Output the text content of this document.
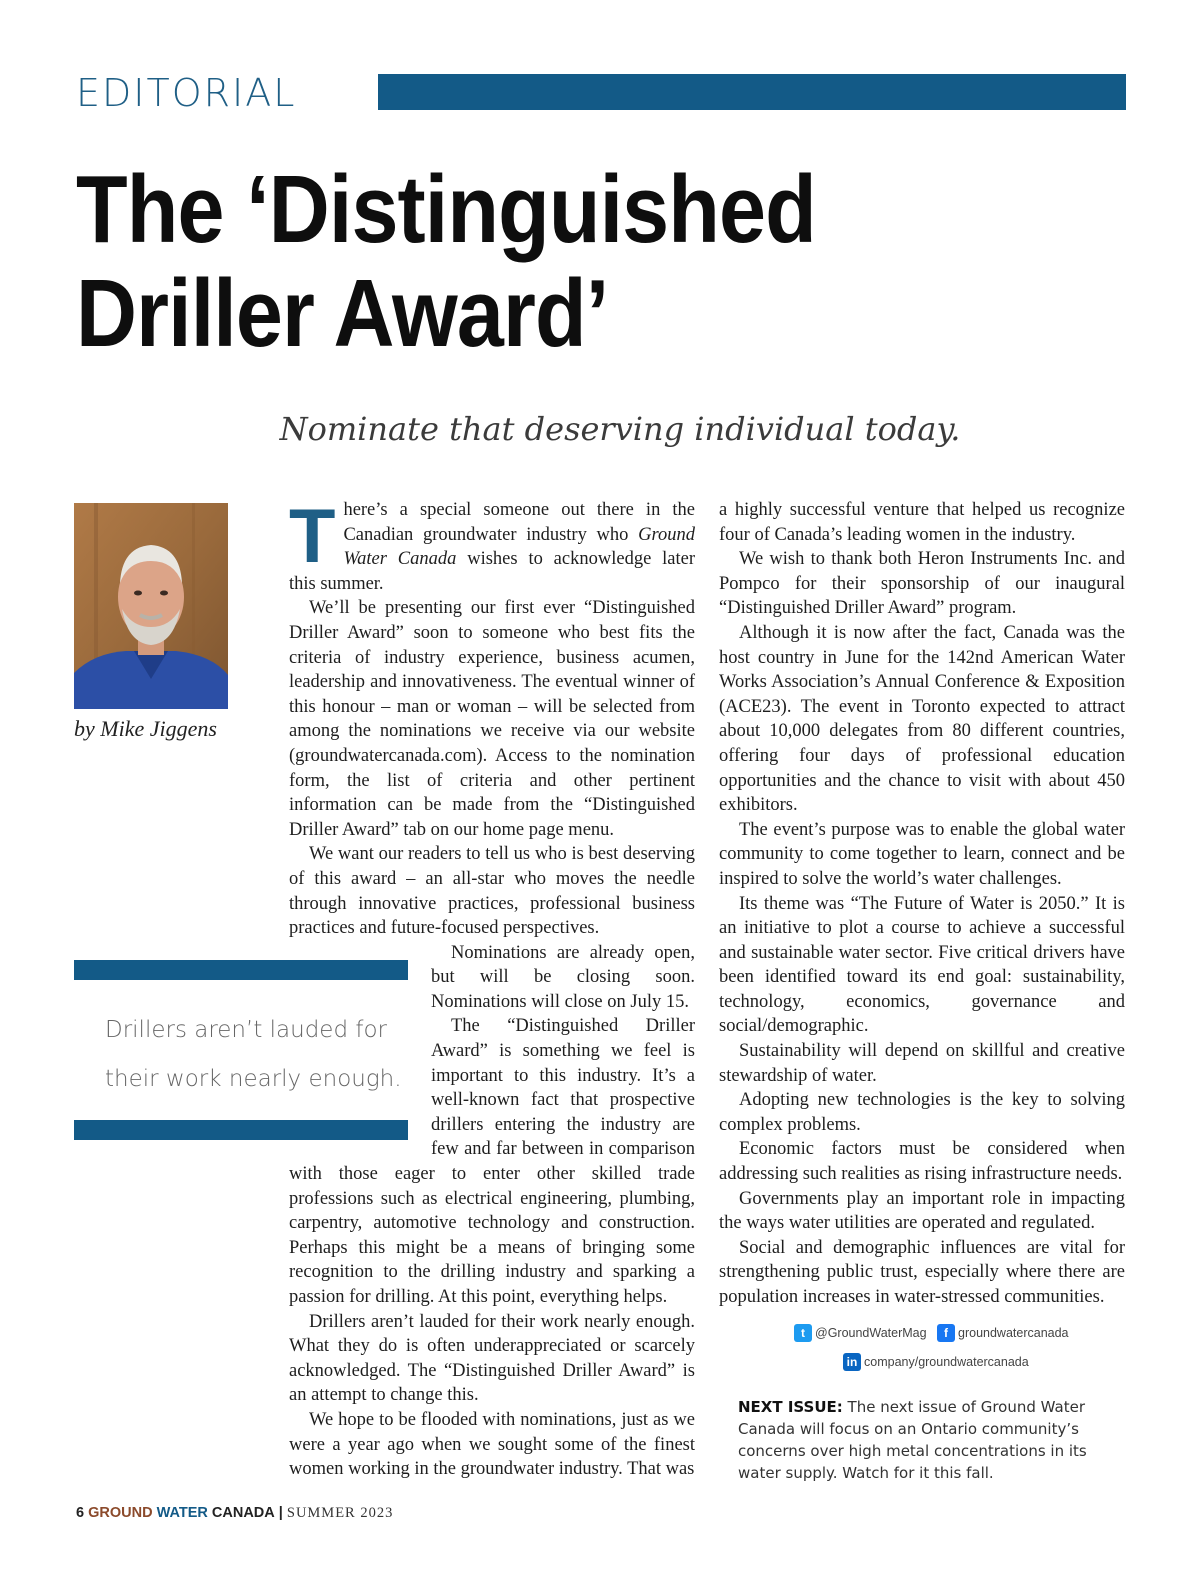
EDITORIAL
The ‘Distinguished
Driller Award’
Nominate that deserving individual today.
by Mike Jiggens

There’s a special someone out there in the Canadian groundwater industry who Ground Water Canada wishes to acknowledge later this summer.

We’ll be presenting our first ever “Distinguished Driller Award” soon to someone who best fits the criteria of industry experience, business acumen, leadership and innovativeness. The eventual winner of this honour – man or woman – will be selected from among the nominations we receive via our website (groundwatercanada.com). Access to the nomination form, the list of criteria and other pertinent information can be made from the “Distinguished Driller Award” tab on our home page menu.

We want our readers to tell us who is best deserving of this award – an all-star who moves the needle through innovative practices, professional business practices and future-focused perspectives.

Nominations are already open, but will be closing soon. Nominations will close on July 15.

The “Distinguished Driller Award” is something we feel is important to this industry. It’s a well-known fact that prospective drillers entering the industry are few and far between in comparison with those eager to enter other skilled trade professions such as electrical engineering, plumbing, carpentry, automotive technology and construction. Perhaps this might be a means of bringing some recognition to the drilling industry and sparking a passion for drilling. At this point, everything helps.

Drillers aren’t lauded for their work nearly enough. What they do is often underappreciated or scarcely acknowledged. The “Distinguished Driller Award” is an attempt to change this.

We hope to be flooded with nominations, just as we were a year ago when we sought some of the finest women working in the groundwater industry. That was

Drillers aren’t lauded for
their work nearly enough.

a highly successful venture that helped us recognize four of Canada’s leading women in the industry.

We wish to thank both Heron Instruments Inc. and Pompco for their sponsorship of our inaugural “Distinguished Driller Award” program.

Although it is now after the fact, Canada was the host country in June for the 142nd American Water Works Association’s Annual Conference & Exposition (ACE23). The event in Toronto expected to attract about 10,000 delegates from 80 different countries, offering four days of professional education opportunities and the chance to visit with about 450 exhibitors.

The event’s purpose was to enable the global water community to come together to learn, connect and be inspired to solve the world’s water challenges.

Its theme was “The Future of Water is 2050.” It is an initiative to plot a course to achieve a successful and sustainable water sector. Five critical drivers have been identified toward its end goal: sustainability, technology, economics, governance and social/demographic.

Sustainability will depend on skillful and creative stewardship of water.

Adopting new technologies is the key to solving complex problems.

Economic factors must be considered when addressing such realities as rising infrastructure needs.

Governments play an important role in impacting the ways water utilities are operated and regulated.

Social and demographic influences are vital for strengthening public trust, especially where there are population increases in water-stressed communities.

t @GroundWaterMag	f groundwatercanada
in company/groundwatercanada
NEXT ISSUE: The next issue of Ground Water Canada will focus on an Ontario community’s concerns over high metal concentrations in its water supply. Watch for it this fall.
6 GROUND WATER CANADA | SUMMER 2023
